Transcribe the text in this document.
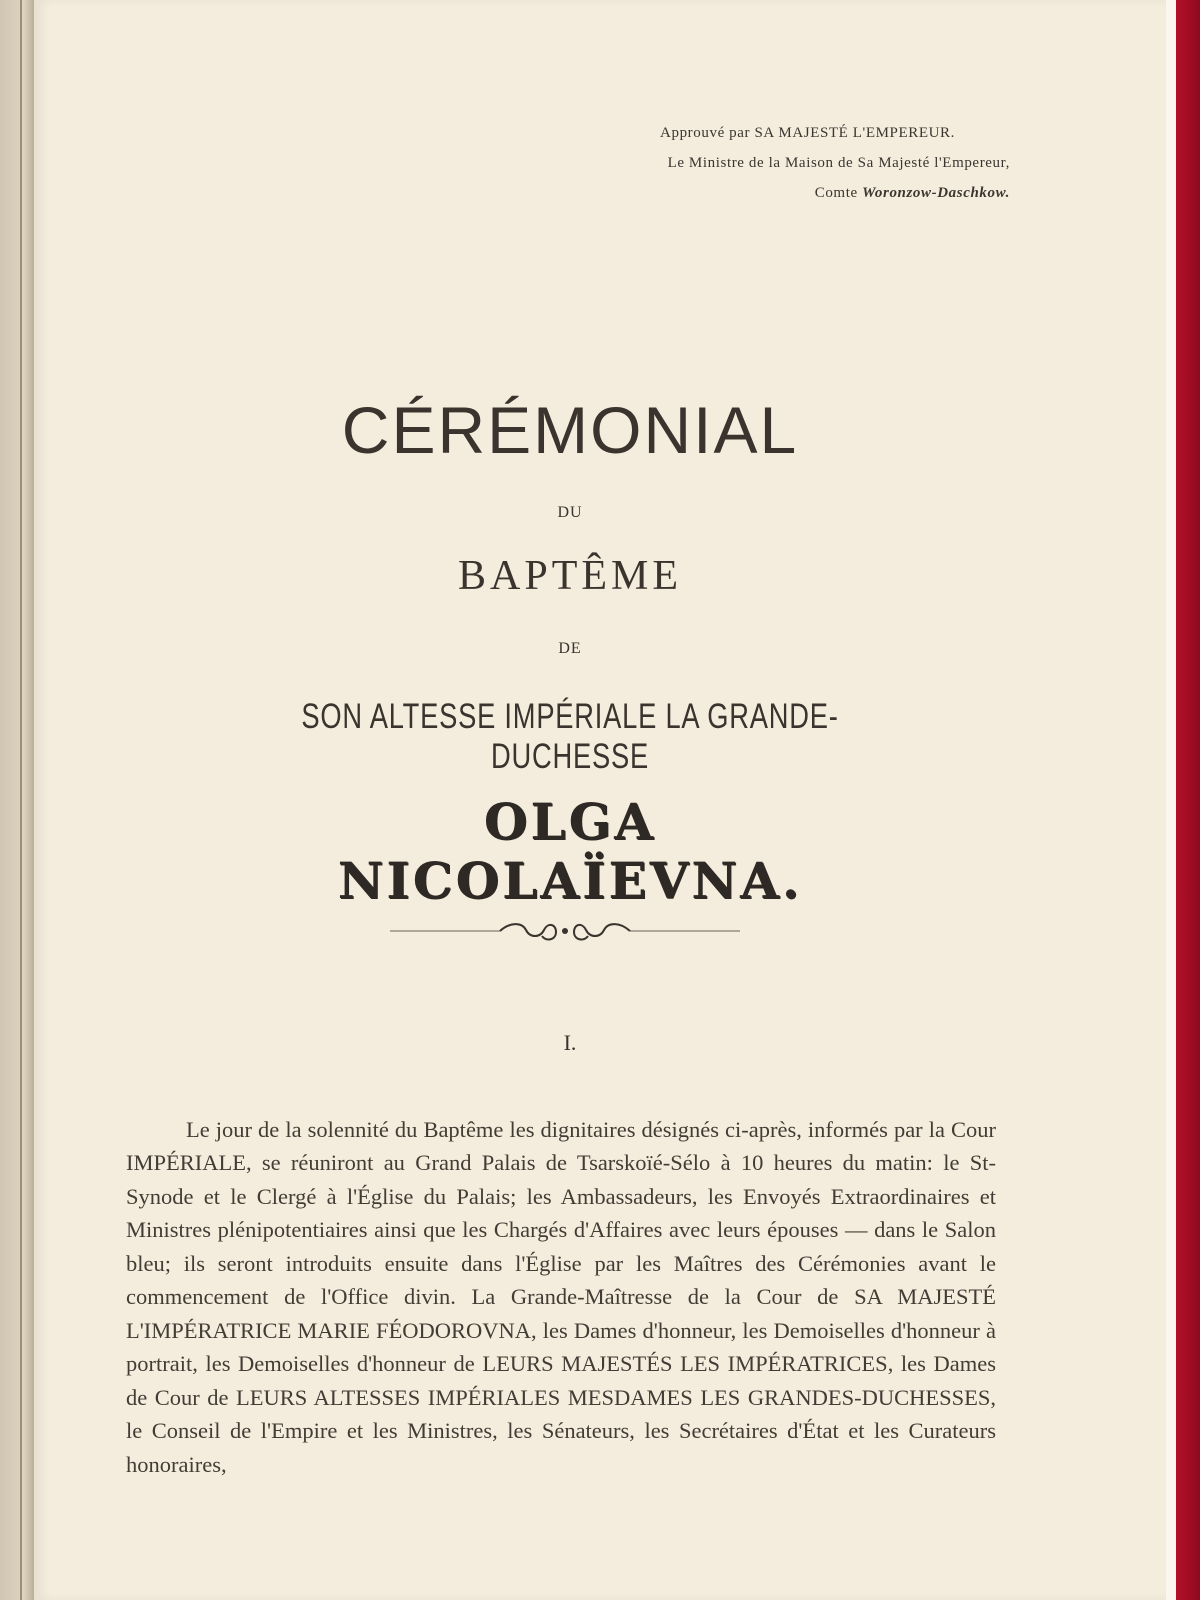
Approuvé par SA MAJESTÉ L'EMPEREUR.
Le Ministre de la Maison de Sa Majesté l'Empereur,
Comte Woronzow-Daschkow.
CÉRÉMONIAL
DU
BAPTÊME
DE
SON ALTESSE IMPÉRIALE LA GRANDE-DUCHESSE
OLGA NICOLAÏEVNA.
I.

Le jour de la solennité du Baptême les dignitaires désignés ci-après, informés par la Cour IMPÉRIALE, se réuniront au Grand Palais de Tsarskoïé-Sélo à 10 heures du matin: le St-Synode et le Clergé à l'Église du Palais; les Ambassadeurs, les Envoyés Extraordinaires et Ministres plénipotentiaires ainsi que les Chargés d'Affaires avec leurs épouses — dans le Salon bleu; ils seront introduits ensuite dans l'Église par les Maîtres des Cérémonies avant le commencement de l'Office divin. La Grande-Maîtresse de la Cour de SA MAJESTÉ L'IMPÉRATRICE MARIE FÉODOROVNA, les Dames d'honneur, les Demoiselles d'honneur à portrait, les Demoiselles d'honneur de LEURS MAJESTÉS LES IMPÉRATRICES, les Dames de Cour de LEURS ALTESSES IMPÉRIALES MESDAMES LES GRANDES-DUCHESSES, le Conseil de l'Empire et les Ministres, les Sénateurs, les Secrétaires d'État et les Curateurs honoraires,
